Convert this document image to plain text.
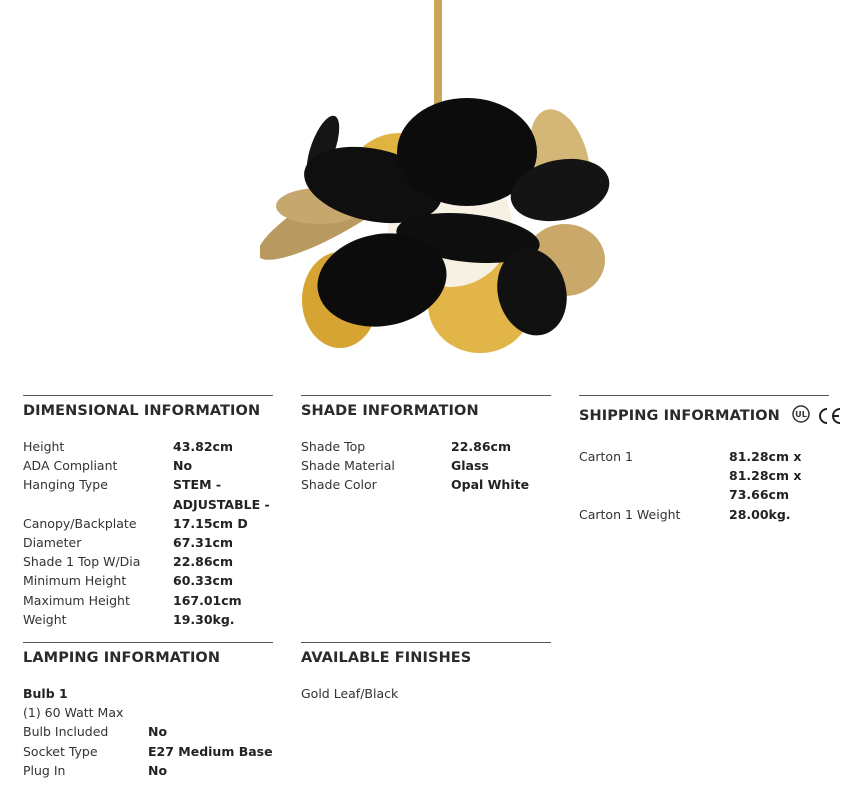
DIMENSIONAL INFORMATION
Height	43.82cm
ADA Compliant	No
Hanging Type	STEM - ADJUSTABLE -
Canopy/Backplate	17.15cm D
Diameter	67.31cm
Shade 1 Top W/Dia	22.86cm
Minimum Height	60.33cm
Maximum Height	167.01cm
Weight	19.30kg.
SHADE INFORMATION
Shade Top	22.86cm
Shade Material	Glass
Shade Color	Opal White
SHIPPING INFORMATION UL
Carton 1	81.28cm x 81.28cm x 73.66cm
Carton 1 Weight	28.00kg.
LAMPING INFORMATION
Bulb 1
(1) 60 Watt Max
Bulb Included	No
Socket Type	E27 Medium Base
Plug In	No
AVAILABLE FINISHES
Gold Leaf/Black
